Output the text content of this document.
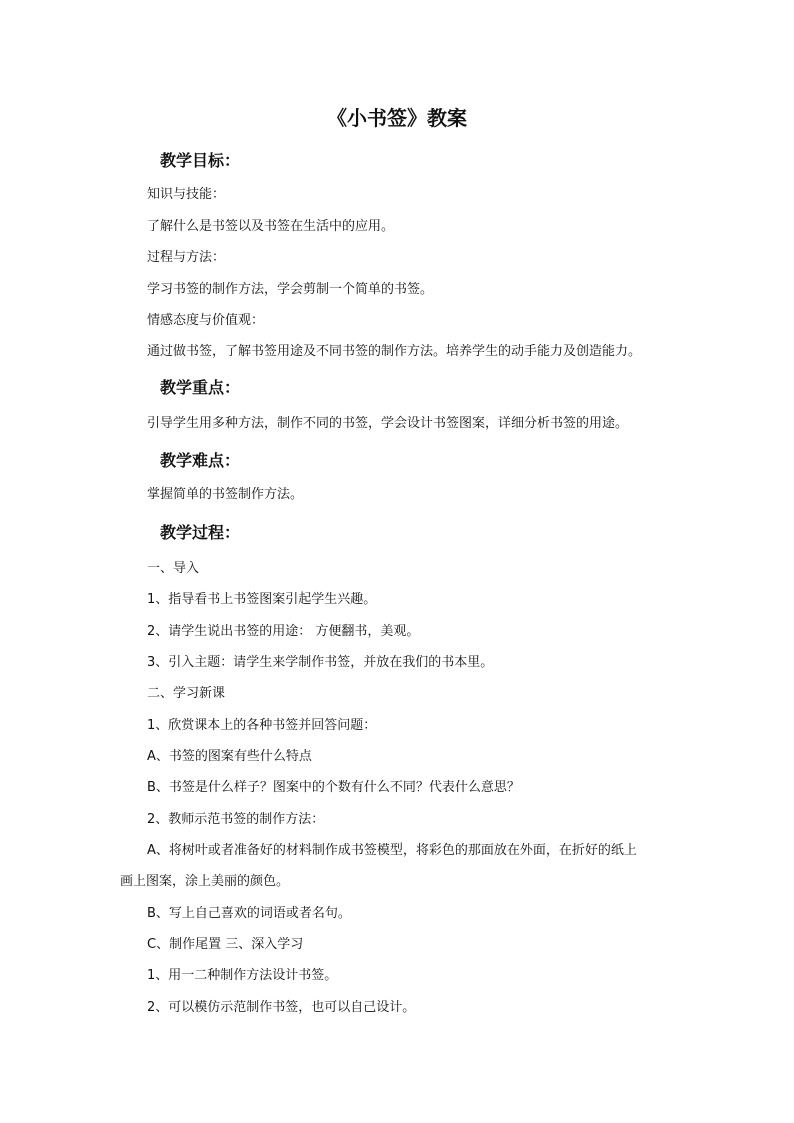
《小书签》教案
教学目标：
知识与技能：
了解什么是书签以及书签在生活中的应用。
过程与方法：
学习书签的制作方法，学会剪制一个简单的书签。
情感态度与价值观：
通过做书签，了解书签用途及不同书签的制作方法。培养学生的动手能力及创造能力。
教学重点：
引导学生用多种方法，制作不同的书签，学会设计书签图案，详细分析书签的用途。
教学难点：
掌握简单的书签制作方法。
教学过程：
一、导入
1、指导看书上书签图案引起学生兴趣。
2、请学生说出书签的用途： 方便翻书，美观。
3、引入主题：请学生来学制作书签，并放在我们的书本里。
二、学习新课
1、欣赏课本上的各种书签并回答问题：
A、书签的图案有些什么特点
B、书签是什么样子？图案中的个数有什么不同？代表什么意思？
2、教师示范书签的制作方法：
A、将树叶或者准备好的材料制作成书签模型，将彩色的那面放在外面，在折好的纸上
画上图案，涂上美丽的颜色。
B、写上自己喜欢的词语或者名句。
C、制作尾置 三、深入学习
1、用一二种制作方法设计书签。
2、可以模仿示范制作书签，也可以自己设计。
